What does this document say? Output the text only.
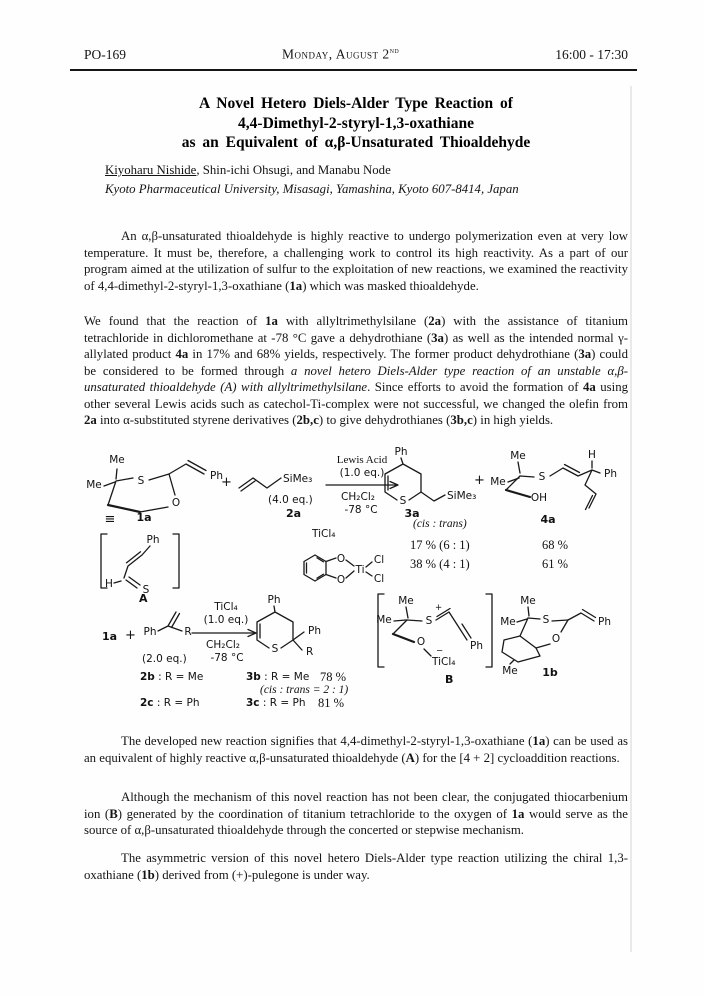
PO-169	Monday, August 2nd	16:00 - 17:30
A Novel Hetero Diels-Alder Type Reaction of
4,4-Dimethyl-2-styryl-1,3-oxathiane
as an Equivalent of α,β-Unsaturated Thioaldehyde
Kiyoharu Nishide, Shin-ichi Ohsugi, and Manabu Node
Kyoto Pharmaceutical University, Misasagi, Yamashina, Kyoto 607-8414, Japan
An α,β-unsaturated thioaldehyde is highly reactive to undergo polymerization even at very low temperature. It must be, therefore, a challenging work to control its high reactivity. As a part of our program aimed at the utilization of sulfur to the exploitation of new reactions, we examined the reactivity of 4,4-dimethyl-2-styryl-1,3-oxathiane (1a) which was masked thioaldehyde.
We found that the reaction of 1a with allyltrimethylsilane (2a) with the assistance of titanium tetrachloride in dichloromethane at -78 °C gave a dehydrothiane (3a) as well as the intended normal γ-allylated product 4a in 17% and 68% yields, respectively. The former product dehydrothiane (3a) could be considered to be formed through a novel hetero Diels-Alder type reaction of an unstable α,β-unsaturated thioaldehyde (A) with allyltrimethylsilane. Since efforts to avoid the formation of 4a using other several Lewis acids such as catechol-Ti-complex were not successful, we changed the olefin from 2a into α-substituted styrene derivatives (2b,c) to give dehydrothianes (3b,c) in high yields.
The developed new reaction signifies that 4,4-dimethyl-2-styryl-1,3-oxathiane (1a) can be used as an equivalent of highly reactive α,β-unsaturated thioaldehyde (A) for the [4 + 2] cycloaddition reactions.
Although the mechanism of this novel reaction has not been clear, the conjugated thiocarbenium ion (B) generated by the coordination of titanium tetrachloride to the oxygen of 1a would serve as the source of α,β-unsaturated thioaldehyde through the concerted or stepwise mechanism.
The asymmetric version of this novel hetero Diels-Alder type reaction utilizing the chiral 1,3-oxathiane (1b) derived from (+)-pulegone is under way.
Me
Me	S
O
Ph
≡ 1a
+	SiMe₃
(4.0 eq.)
2a
Lewis Acid
(1.0 eq.)
CH₂Cl₂
-78 °C
Ph
S	SiMe₃
3a
(cis : trans)
+
Me
Me	S
H
Ph
OH
4a
Ph
H	S
A
TiCl₄
O
O
Ti
Cl
Cl
17 % (6 : 1)	68 %
38 % (4 : 1)	61 %
1a + Ph	R
(2.0 eq.)
TiCl₄
(1.0 eq.)
CH₂Cl₂
-78 °C
Ph
S
Ph
R
2b : R = Me	3b : R = Me 78 %
(cis : trans = 2 : 1)
2c : R = Ph	3c : R = Ph 81 %
Me
Me	S
+
Ph
O
−
TiCl₄
B
Me
Me	S	Ph
O
Me 1b
